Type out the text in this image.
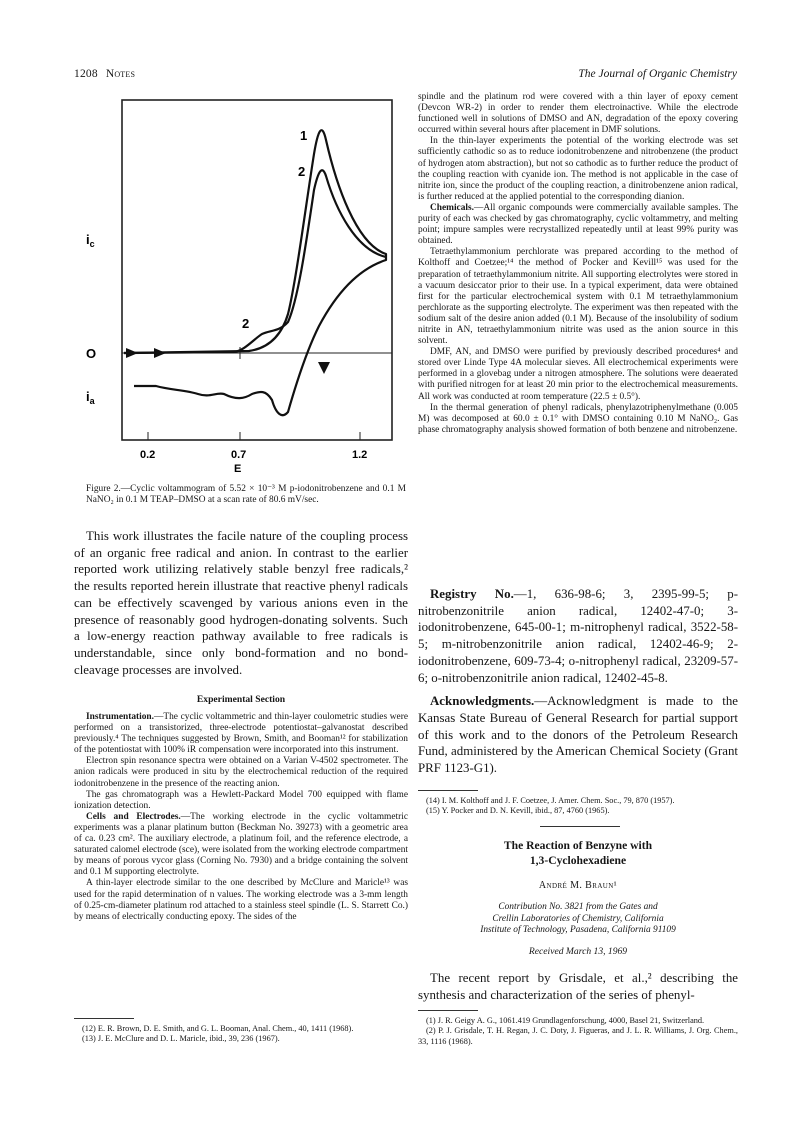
1208 Notes	The Journal of Organic Chemistry
$i_c$
O
$i_a$
0.2	0.7	1.2
E
1
2
2
Figure 2.—Cyclic voltammogram of 5.52 × 10⁻³ M p-iodonitrobenzene and 0.1 M NaNO₂ in 0.1 M TEAP–DMSO at a scan rate of 80.6 mV/sec.

This work illustrates the facile nature of the coupling process of an organic free radical and anion. In contrast to the earlier reported work utilizing relatively stable benzyl free radicals,² the results reported herein illustrate that reactive phenyl radicals can be effectively scavenged by various anions even in the presence of reasonably good hydrogen-donating solvents. Such a low-energy reaction pathway available to free radicals is understandable, since only bond-formation and no bond-cleavage processes are involved.

Experimental Section

Instrumentation.—The cyclic voltammetric and thin-layer coulometric studies were performed on a transistorized, three-electrode potentiostat–galvanostat described previously.⁴ The techniques suggested by Brown, Smith, and Booman¹² for stabilization of the potentiostat with 100% iR compensation were incorporated into this instrument.

Electron spin resonance spectra were obtained on a Varian V-4502 spectrometer. The anion radicals were produced in situ by the electrochemical reduction of the required iodonitrobenzene in the presence of the reacting anion.

The gas chromatograph was a Hewlett-Packard Model 700 equipped with flame ionization detection.

Cells and Electrodes.—The working electrode in the cyclic voltammetric experiments was a planar platinum button (Beckman No. 39273) with a geometric area of ca. 0.23 cm². The auxiliary electrode, a platinum foil, and the reference electrode, a saturated calomel electrode (sce), were isolated from the working electrode compartment by means of porous vycor glass (Corning No. 7930) and a bridge containing the solvent and 0.1 M supporting electrolyte.

A thin-layer electrode similar to the one described by McClure and Maricle¹³ was used for the rapid determination of n values. The working electrode was a 3-mm length of 0.25-cm-diameter platinum rod attached to a stainless steel spindle (L. S. Starrett Co.) by means of electrically conducting epoxy. The sides of the

(12) E. R. Brown, D. E. Smith, and G. L. Booman, Anal. Chem., 40, 1411 (1968).

(13) J. E. McClure and D. L. Maricle, ibid., 39, 236 (1967).

spindle and the platinum rod were covered with a thin layer of epoxy cement (Devcon WR-2) in order to render them electroinactive. While the electrode functioned well in solutions of DMSO and AN, degradation of the epoxy covering occurred within several hours after placement in DMF solutions.

In the thin-layer experiments the potential of the working electrode was set sufficiently cathodic so as to reduce iodonitrobenzene and nitrobenzene (the product of hydrogen atom abstraction), but not so cathodic as to further reduce the product of the coupling reaction with cyanide ion. The method is not applicable in the case of nitrite ion, since the product of the coupling reaction, a dinitrobenzene anion radical, is further reduced at the applied potential to the corresponding dianion.

Chemicals.—All organic compounds were commercially available samples. The purity of each was checked by gas chromatography, cyclic voltammetry, and melting point; impure samples were recrystallized repeatedly until at least 99% purity was obtained.

Tetraethylammonium perchlorate was prepared according to the method of Kolthoff and Coetzee;¹⁴ the method of Pocker and Kevill¹⁵ was used for the preparation of tetraethylammonium nitrite. All supporting electrolytes were stored in a vacuum desiccator prior to their use. In a typical experiment, data were obtained first for the particular electrochemical system with 0.1 M tetraethylammonium perchlorate as the supporting electrolyte. The experiment was then repeated with the sodium salt of the desire anion added (0.1 M). Because of the insolubility of sodium nitrite in AN, tetraethylammonium nitrite was used as the anion source in this solvent.

DMF, AN, and DMSO were purified by previously described procedures⁴ and stored over Linde Type 4A molecular sieves. All electrochemical experiments were performed in a glovebag under a nitrogen atmosphere. The solutions were deaerated with purified nitrogen for at least 20 min prior to the electrochemical measurements. All work was conducted at room temperature (22.5 ± 0.5°).

In the thermal generation of phenyl radicals, phenylazotriphenylmethane (0.005 M) was decomposed at 60.0 ± 0.1° with DMSO containing 0.10 M NaNO₂. Gas phase chromatography analysis showed formation of both benzene and nitrobenzene.

Registry No.—1, 636-98-6; 3, 2395-99-5; p-nitrobenzonitrile anion radical, 12402-47-0; 3-iodonitrobenzene, 645-00-1; m-nitrophenyl radical, 3522-58-5; m-nitrobenzonitrile anion radical, 12402-46-9; 2-iodonitrobenzene, 609-73-4; o-nitrophenyl radical, 23209-57-6; o-nitrobenzonitrile anion radical, 12402-45-8.

Acknowledgments.—Acknowledgment is made to the Kansas State Bureau of General Research for partial support of this work and to the donors of the Petroleum Research Fund, administered by the American Chemical Society (Grant PRF 1123-G1).

(14) I. M. Kolthoff and J. F. Coetzee, J. Amer. Chem. Soc., 79, 870 (1957).

(15) Y. Pocker and D. N. Kevill, ibid., 87, 4760 (1965).

The Reaction of Benzyne with
1,3-Cyclohexadiene
André M. Braun¹
Contribution No. 3821 from the Gates and
Crellin Laboratories of Chemistry, California
Institute of Technology, Pasadena, California 91109
Received March 13, 1969

The recent report by Grisdale, et al.,² describing the synthesis and characterization of the series of phenyl-

(1) J. R. Geigy A. G., 1061.419 Grundlagenforschung, 4000, Basel 21, Switzerland.

(2) P. J. Grisdale, T. H. Regan, J. C. Doty, J. Figueras, and J. L. R. Williams, J. Org. Chem., 33, 1116 (1968).
